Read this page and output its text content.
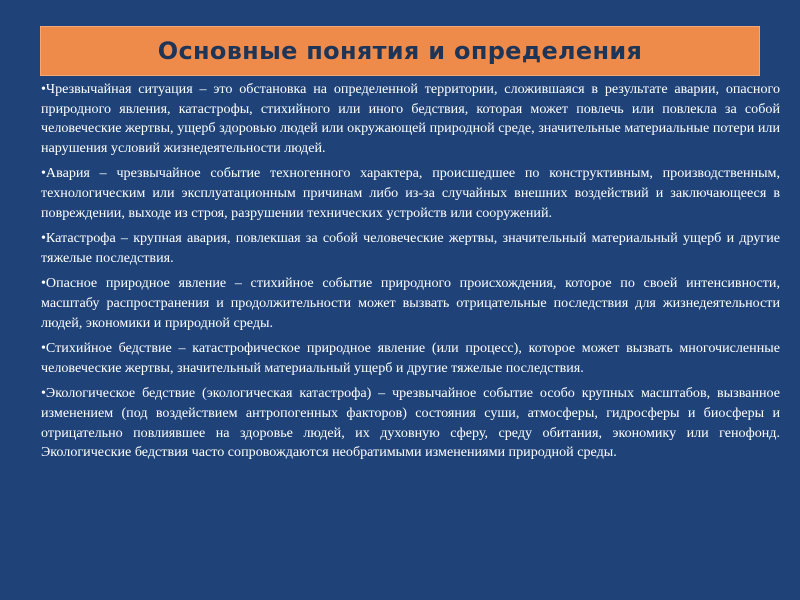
Основные понятия и определения

•Чрезвычайная ситуация – это обстановка на определенной территории, сложившаяся в результате аварии, опасного природного явления, катастрофы, стихийного или иного бедствия, которая может повлечь или повлекла за собой человеческие жертвы, ущерб здоровью людей или окружающей природной среде, значительные материальные потери или нарушения условий жизнедеятельности людей.

•Авария – чрезвычайное событие техногенного характера, происшедшее по конструктивным, производственным, технологическим или эксплуатационным причинам либо из-за случайных внешних воздействий и заключающееся в повреждении, выходе из строя, разрушении технических устройств или сооружений.

•Катастрофа – крупная авария, повлекшая за собой человеческие жертвы, значительный материальный ущерб и другие тяжелые последствия.

•Опасное природное явление – стихийное событие природного происхождения, которое по своей интенсивности, масштабу распространения и продолжительности может вызвать отрицательные последствия для жизнедеятельности людей, экономики и природной среды.

•Стихийное бедствие – катастрофическое природное явление (или процесс), которое может вызвать многочисленные человеческие жертвы, значительный материальный ущерб и другие тяжелые последствия.

•Экологическое бедствие (экологическая катастрофа) – чрезвычайное событие особо крупных масштабов, вызванное изменением (под воздействием антропогенных факторов) состояния суши, атмосферы, гидросферы и биосферы и отрицательно повлиявшее на здоровье людей, их духовную сферу, среду обитания, экономику или генофонд. Экологические бедствия часто сопровождаются необратимыми изменениями природной среды.
